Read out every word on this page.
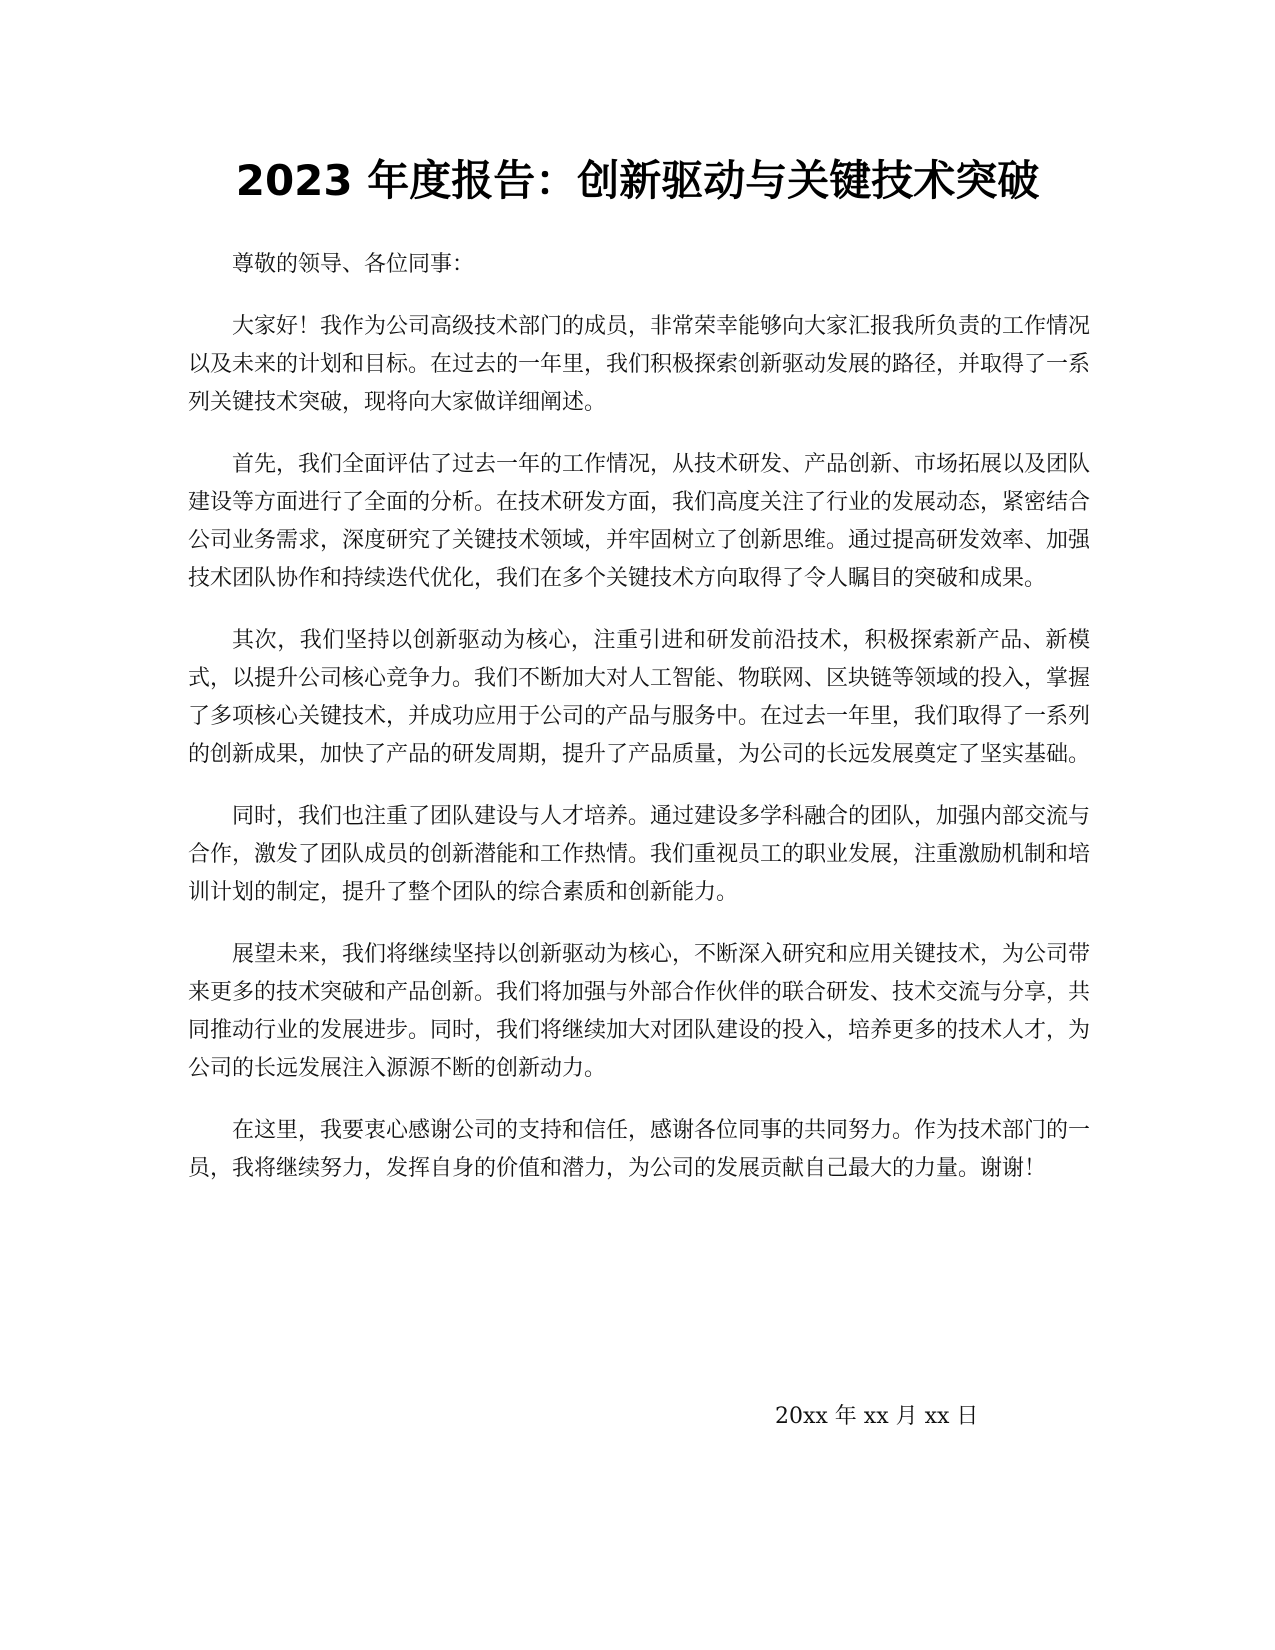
2023 年度报告：创新驱动与关键技术突破

尊敬的领导、各位同事：

大家好！我作为公司高级技术部门的成员，非常荣幸能够向大家汇报我所负责的工作情况以及未来的计划和目标。在过去的一年里，我们积极探索创新驱动发展的路径，并取得了一系列关键技术突破，现将向大家做详细阐述。

首先，我们全面评估了过去一年的工作情况，从技术研发、产品创新、市场拓展以及团队建设等方面进行了全面的分析。在技术研发方面，我们高度关注了行业的发展动态，紧密结合公司业务需求，深度研究了关键技术领域，并牢固树立了创新思维。通过提高研发效率、加强技术团队协作和持续迭代优化，我们在多个关键技术方向取得了令人瞩目的突破和成果。

其次，我们坚持以创新驱动为核心，注重引进和研发前沿技术，积极探索新产品、新模式，以提升公司核心竞争力。我们不断加大对人工智能、物联网、区块链等领域的投入，掌握了多项核心关键技术，并成功应用于公司的产品与服务中。在过去一年里，我们取得了一系列的创新成果，加快了产品的研发周期，提升了产品质量，为公司的长远发展奠定了坚实基础。

同时，我们也注重了团队建设与人才培养。通过建设多学科融合的团队，加强内部交流与合作，激发了团队成员的创新潜能和工作热情。我们重视员工的职业发展，注重激励机制和培训计划的制定，提升了整个团队的综合素质和创新能力。

展望未来，我们将继续坚持以创新驱动为核心，不断深入研究和应用关键技术，为公司带来更多的技术突破和产品创新。我们将加强与外部合作伙伴的联合研发、技术交流与分享，共同推动行业的发展进步。同时，我们将继续加大对团队建设的投入，培养更多的技术人才，为公司的长远发展注入源源不断的创新动力。

在这里，我要衷心感谢公司的支持和信任，感谢各位同事的共同努力。作为技术部门的一员，我将继续努力，发挥自身的价值和潜力，为公司的发展贡献自己最大的力量。谢谢！

20xx 年 xx 月 xx 日
